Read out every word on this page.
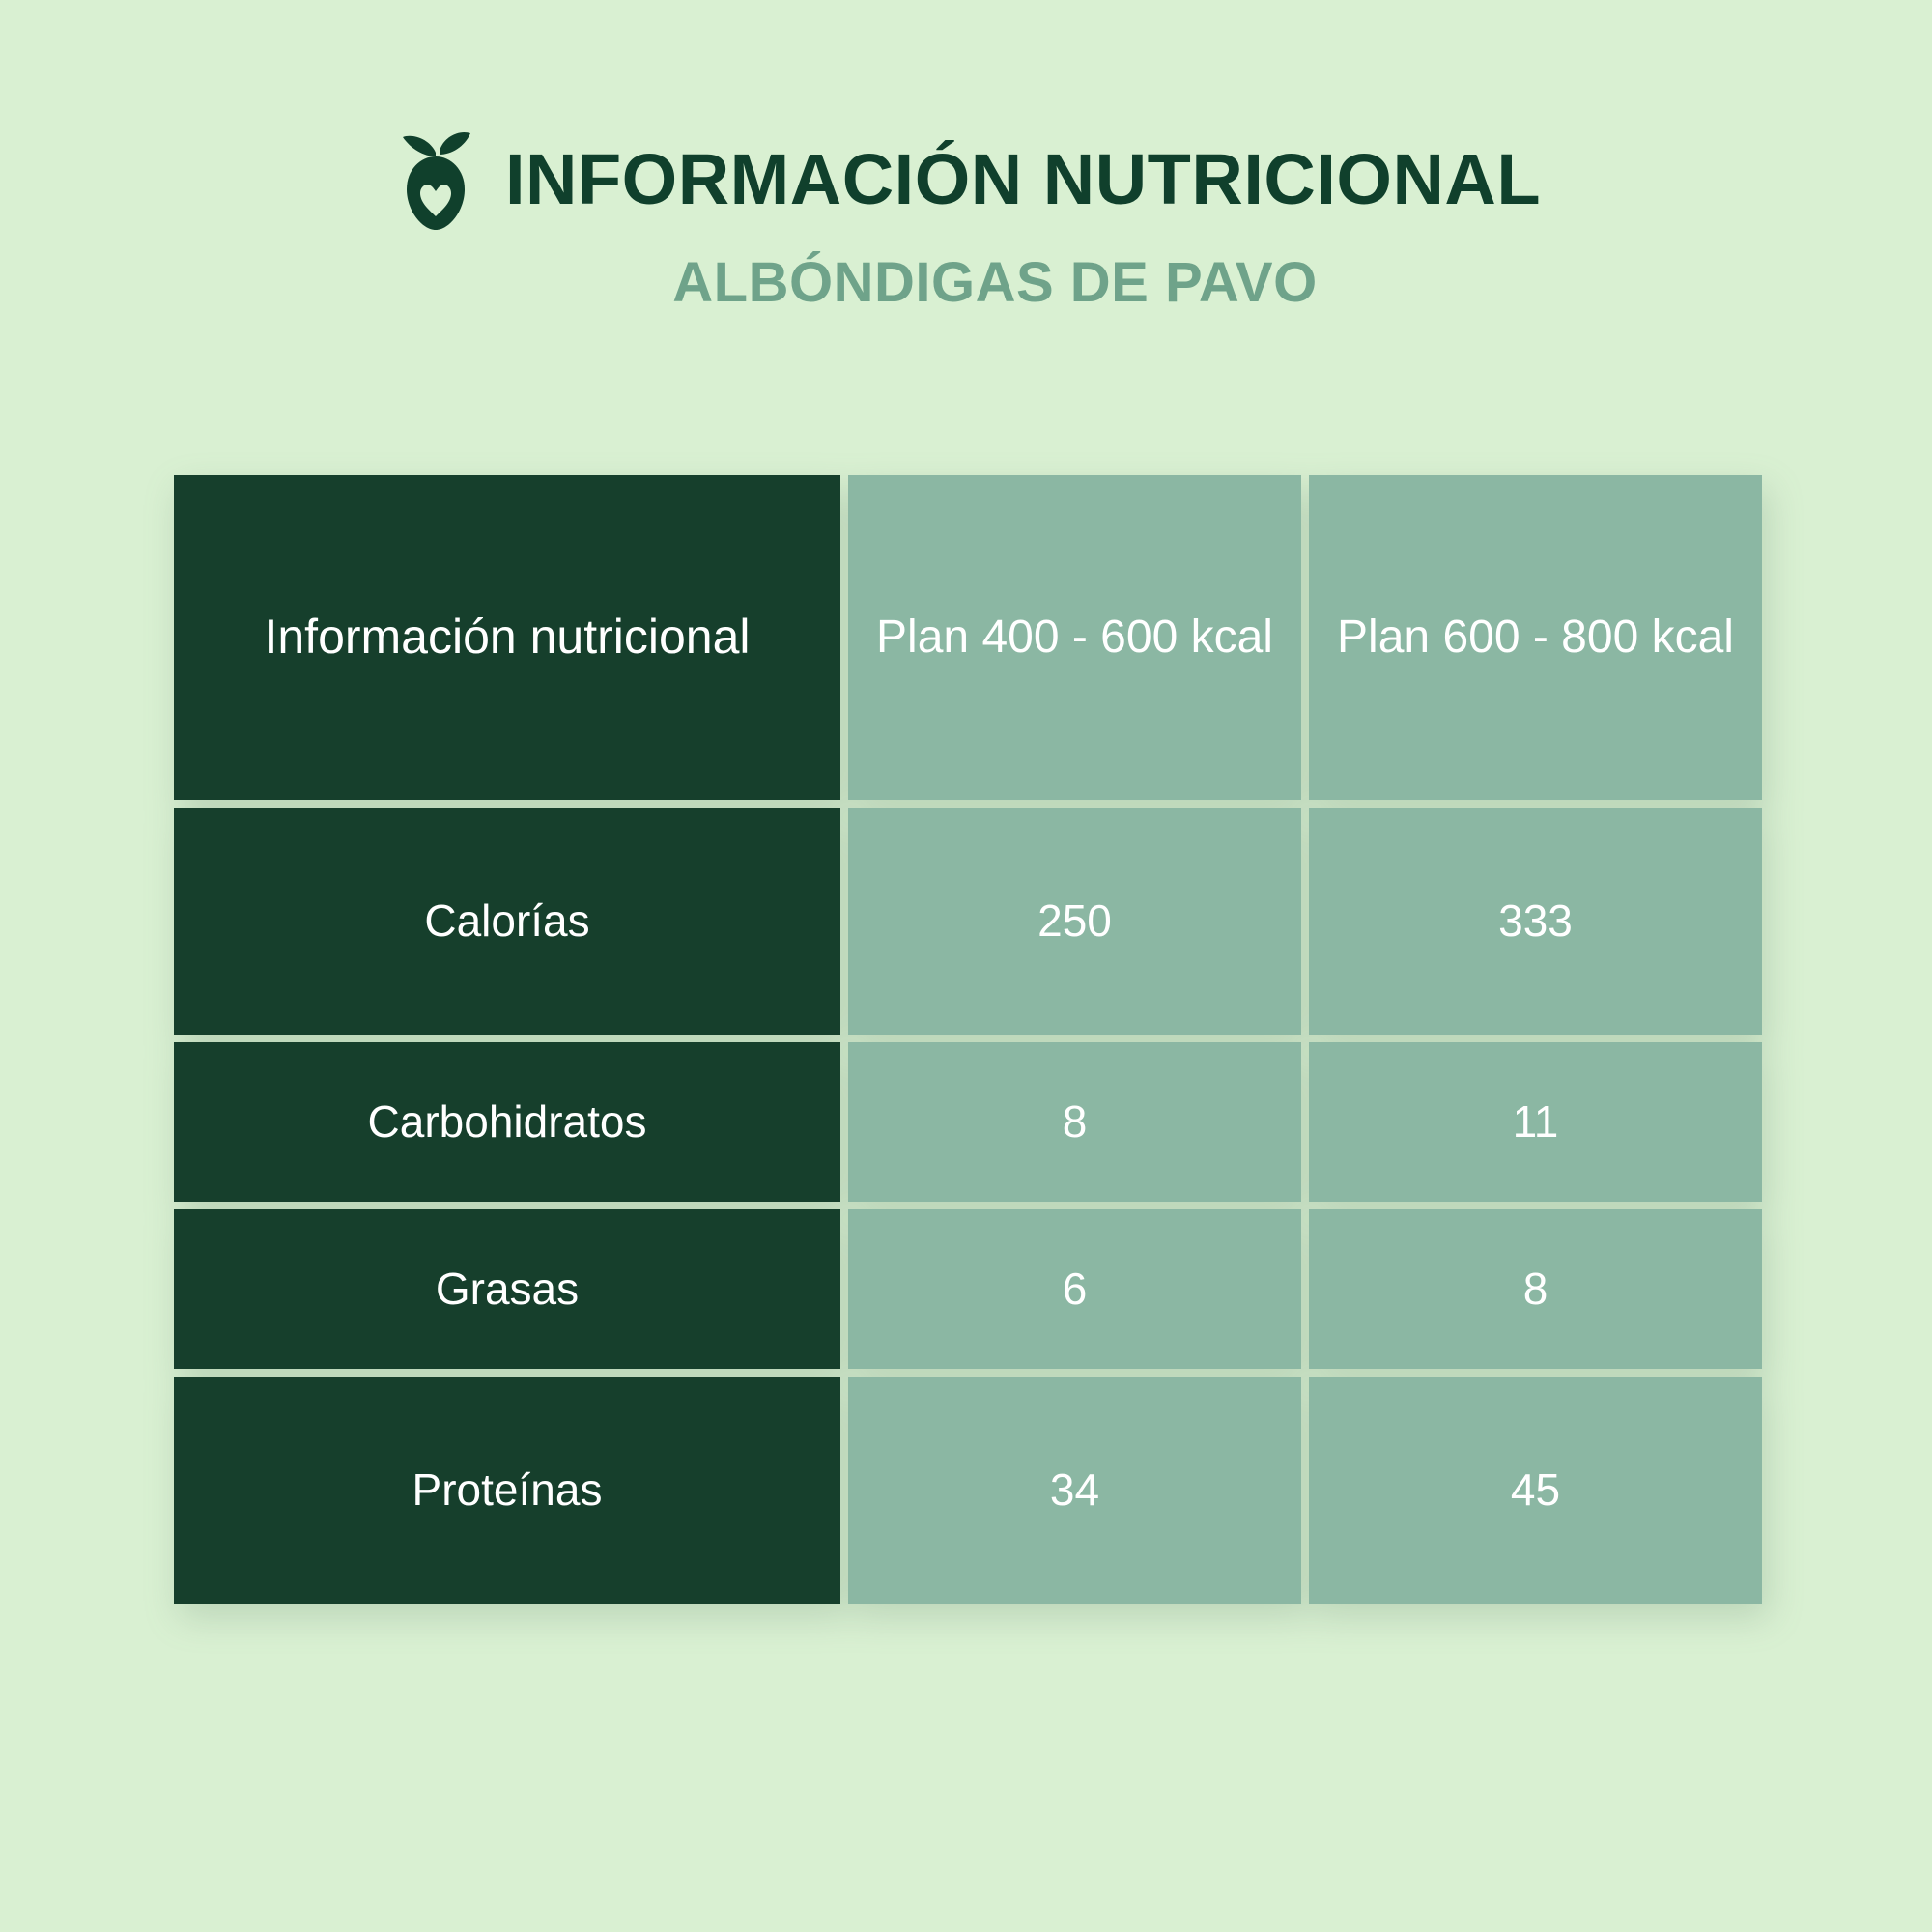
INFORMACIÓN NUTRICIONAL
ALBÓNDIGAS DE PAVO
Información nutricional	Plan 400 - 600 kcal	Plan 600 - 800 kcal

Calorías	250	333

Carbohidratos	8	11

Grasas	6	8

Proteínas	34	45
